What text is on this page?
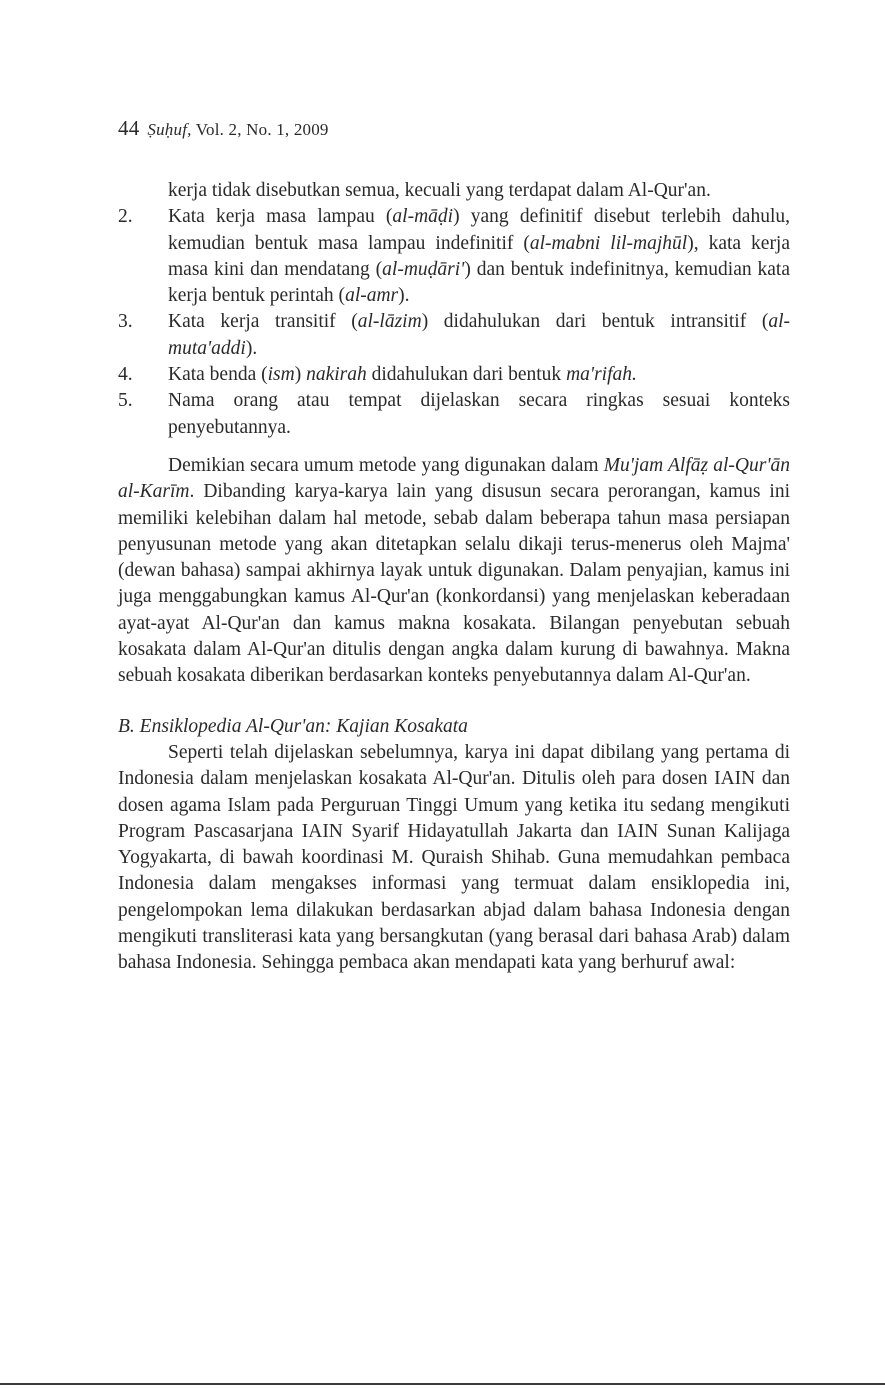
44 Ṣuḥuf, Vol. 2, No. 1, 2009
kerja tidak disebutkan semua, kecuali yang terdapat dalam Al-Qur'an.
2. Kata kerja masa lampau (al-māḍi) yang definitif disebut terlebih dahulu, kemudian bentuk masa lampau indefinitif (al-mabni lil-majhūl), kata kerja masa kini dan mendatang (al-muḍāri') dan bentuk indefinitnya, kemudian kata kerja bentuk perintah (al-amr).
3. Kata kerja transitif (al-lāzim) didahulukan dari bentuk intransitif (al-muta'addi).
4. Kata benda (ism) nakirah didahulukan dari bentuk ma'rifah.
5. Nama orang atau tempat dijelaskan secara ringkas sesuai konteks penyebutannya.

Demikian secara umum metode yang digunakan dalam Mu'jam Alfāẓ al-Qur'ān al-Karīm. Dibanding karya-karya lain yang disusun secara perorangan, kamus ini memiliki kelebihan dalam hal metode, sebab dalam beberapa tahun masa persiapan penyusunan metode yang akan ditetapkan selalu dikaji terus-menerus oleh Majma' (dewan bahasa) sampai akhirnya layak untuk digunakan. Dalam penyajian, kamus ini juga menggabungkan kamus Al-Qur'an (konkordansi) yang menjelaskan keberadaan ayat-ayat Al-Qur'an dan kamus makna kosakata. Bilangan penyebutan sebuah kosakata dalam Al-Qur'an ditulis dengan angka dalam kurung di bawahnya. Makna sebuah kosakata diberikan berdasarkan konteks penyebutannya dalam Al-Qur'an.

B. Ensiklopedia Al-Qur'an: Kajian Kosakata

Seperti telah dijelaskan sebelumnya, karya ini dapat dibilang yang pertama di Indonesia dalam menjelaskan kosakata Al-Qur'an. Ditulis oleh para dosen IAIN dan dosen agama Islam pada Perguruan Tinggi Umum yang ketika itu sedang mengikuti Program Pascasarjana IAIN Syarif Hidayatullah Jakarta dan IAIN Sunan Kalijaga Yogyakarta, di bawah koordinasi M. Quraish Shihab. Guna memudahkan pembaca Indonesia dalam mengakses informasi yang termuat dalam ensiklopedia ini, pengelompokan lema dilakukan berdasarkan abjad dalam bahasa Indonesia dengan mengikuti transliterasi kata yang bersangkutan (yang berasal dari bahasa Arab) dalam bahasa Indonesia. Sehingga pembaca akan mendapati kata yang berhuruf awal:
